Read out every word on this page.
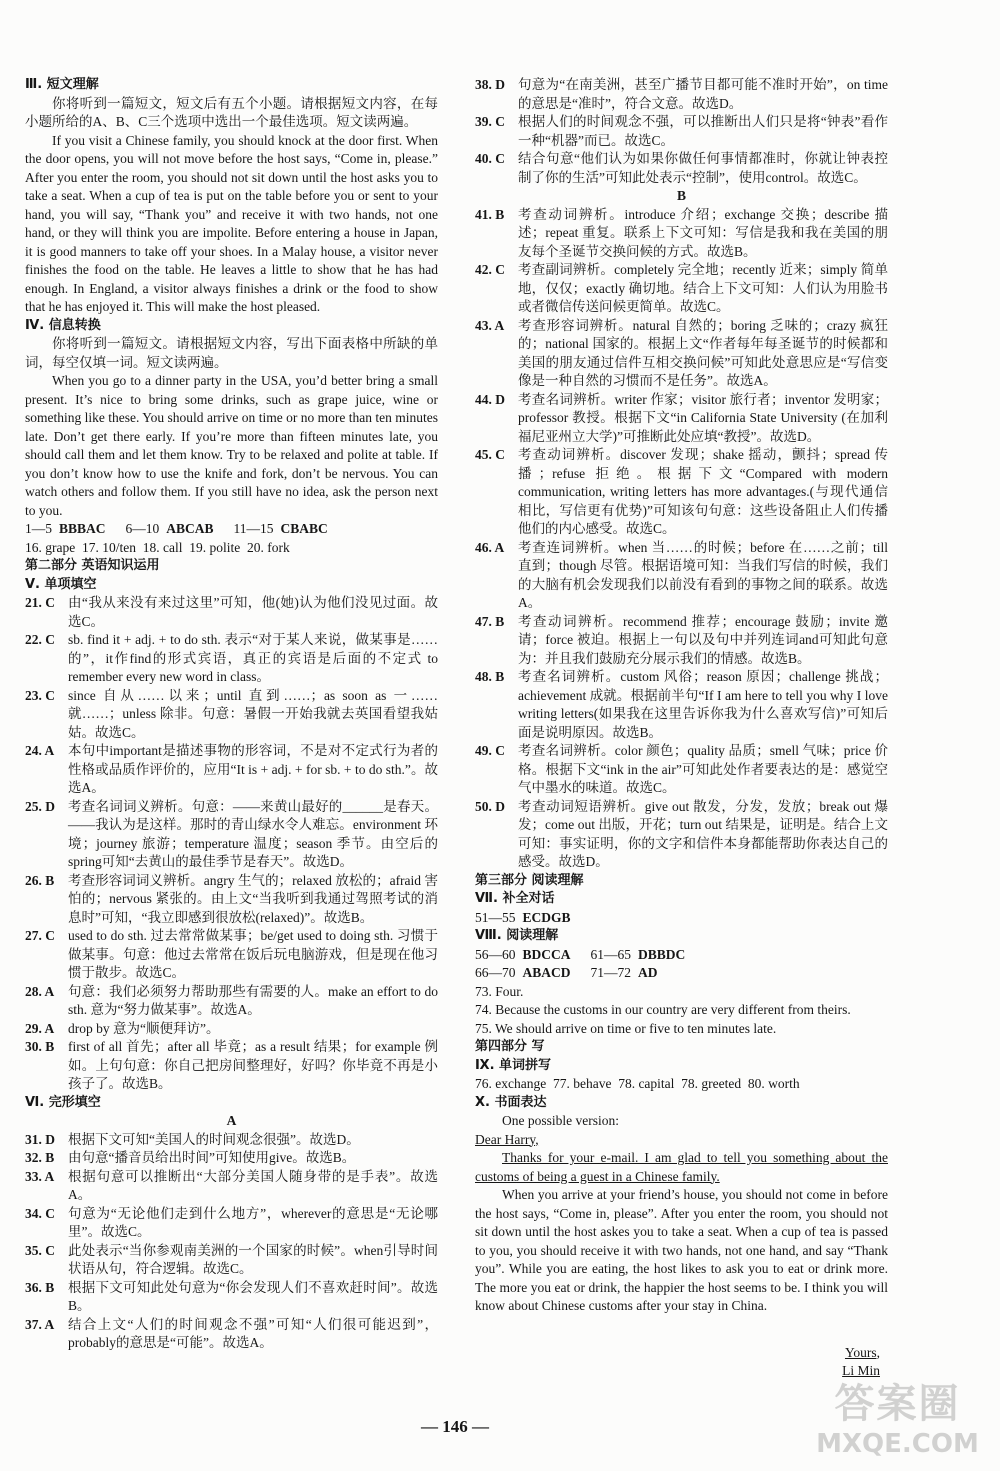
Ⅲ. 短文理解
你将听到一篇短文，短文后有五个小题。请根据短文内容，在每小题所给的A、B、C三个选项中选出一个最佳选项。短文读两遍。
If you visit a Chinese family, you should knock at the door first. When the door opens, you will not move before the host says, “Come in, please.” After you enter the room, you should not sit down until the host asks you to take a seat. When a cup of tea is put on the table before you or sent to your hand, you will say, “Thank you” and receive it with two hands, not one hand, or they will think you are impolite. Before entering a house in Japan, it is good manners to take off your shoes. In a Malay house, a visitor never finishes the food on the table. He leaves a little to show that he has had enough. In England, a visitor always finishes a drink or the food to show that he has enjoyed it. This will make the host pleased.
Ⅳ. 信息转换
你将听到一篇短文。请根据短文内容，写出下面表格中所缺的单词，每空仅填一词。短文读两遍。
When you go to a dinner party in the USA, you’d better bring a small present. It’s nice to bring some drinks, such as grape juice, wine or something like these. You should arrive on time or no more than ten minutes late. Don’t get there early. If you’re more than fifteen minutes late, you should call them and let them know. Try to be relaxed and polite at table. If you don’t know how to use the knife and fork, don’t be nervous. You can watch others and follow them. If you still have no idea, ask the person next to you.
1—5 BBBAC 6—10 ABCAB 11—15 CBABC
16. grape  17. 10/ten  18. call  19. polite  20. fork
第二部分 英语知识运用
Ⅴ. 单项填空
21. C 由“我从来没有来过这里”可知，他(她)认为他们没见过面。故选C。
22. C sb. find it + adj. + to do sth. 表示“对于某人来说，做某事是……的”，it作find的形式宾语，真正的宾语是后面的不定式 to remember every new word in class。
23. C since 自从……以来；until 直到……；as soon as 一……就……；unless 除非。句意：暑假一开始我就去英国看望我姑姑。故选C。
24. A	本句中important是描述事物的形容词，不是对不定式行为者的性格或品质作评价的，应用“It is + adj. + for sb. + to do sth.”。故选A。
25. D 考查名词词义辨析。句意：——来黄山最好的______是春天。——我认为是这样。那时的青山绿水令人难忘。environment 环境；journey 旅游；temperature 温度；season 季节。由空后的spring可知“去黄山的最佳季节是春天”。故选D。
26. B	考查形容词词义辨析。angry 生气的；relaxed 放松的；afraid 害怕的；nervous 紧张的。由上文“当我听到我通过驾照考试的消息时”可知，“我立即感到很放松(relaxed)”。故选B。
27. C used to do sth. 过去常常做某事；be/get used to doing sth. 习惯于做某事。句意：他过去常常在饭后玩电脑游戏，但是现在他习惯于散步。故选C。
28. A	句意：我们必须努力帮助那些有需要的人。make an effort to do sth. 意为“努力做某事”。故选A。
29. A	drop by 意为“顺便拜访”。
30. B	first of all 首先；after all 毕竟；as a result 结果；for example 例如。上句句意：你自己把房间整理好，好吗？你毕竟不再是小孩子了。故选B。
Ⅵ. 完形填空
A
31. D 根据下文可知“美国人的时间观念很强”。故选D。
32. B	由句意“播音员给出时间”可知使用give。故选B。
33. A	根据句意可以推断出“大部分美国人随身带的是手表”。故选A。
34. C 句意为“无论他们走到什么地方”，wherever的意思是“无论哪里”。故选C。
35. C 此处表示“当你参观南美洲的一个国家的时候”。when引导时间状语从句，符合逻辑。故选C。
36. B	根据下文可知此处句意为“你会发现人们不喜欢赶时间”。故选B。
37. A	结合上文“人们的时间观念不强”可知“人们很可能迟到”，probably的意思是“可能”。故选A。
38. D 句意为“在南美洲，甚至广播节目都可能不准时开始”，on time的意思是“准时”，符合文意。故选D。
39. C 根据人们的时间观念不强，可以推断出人们只是将“钟表”看作一种“机器”而已。故选C。
40. C 结合句意“他们认为如果你做任何事情都准时，你就让钟表控制了你的生活”可知此处表示“控制”，使用control。故选C。
B
41. B	考查动词辨析。introduce 介绍；exchange 交换；describe 描述；repeat 重复。联系上下文可知：写信是我和我在美国的朋友每个圣诞节交换问候的方式。故选B。
42. C 考查副词辨析。completely 完全地；recently 近来；simply 简单地，仅仅；exactly 确切地。结合上下文可知：人们认为用脸书或者微信传送问候更简单。故选C。
43. A	考查形容词辨析。natural 自然的；boring 乏味的；crazy 疯狂的；national 国家的。根据上文“作者每年每圣诞节的时候都和美国的朋友通过信件互相交换问候”可知此处意思应是“写信变像是一种自然的习惯而不是任务”。故选A。
44. D 考查名词辨析。writer 作家；visitor 旅行者；inventor 发明家；professor 教授。根据下文“in California State University (在加利福尼亚州立大学)”可推断此处应填“教授”。故选D。
45. C 考查动词辨析。discover 发现；shake 摇动，颤抖；spread 传播；refuse 拒绝。根据下文“Compared with modern communication, writing letters has more advantages.(与现代通信相比，写信更有优势)”可知该句句意：这些设备阻止人们传播他们的内心感受。故选C。
46. A	考查连词辨析。when 当……的时候；before 在……之前；till 直到；though 尽管。根据语境可知：当我们写信的时候，我们的大脑有机会发现我们以前没有看到的事物之间的联系。故选A。
47. B	考查动词辨析。recommend 推荐；encourage 鼓励；invite 邀请；force 被迫。根据上一句以及句中并列连词and可知此句意为：并且我们鼓励充分展示我们的情感。故选B。
48. B	考查名词辨析。custom 风俗；reason 原因；challenge 挑战；achievement 成就。根据前半句“If I am here to tell you why I love writing letters(如果我在这里告诉你我为什么喜欢写信)”可知后面是说明原因。故选B。
49. C 考查名词辨析。color 颜色；quality 品质；smell 气味；price 价格。根据下文“ink in the air”可知此处作者要表达的是：感觉空气中墨水的味道。故选C。
50. D 考查动词短语辨析。give out 散发，分发，发放；break out 爆发；come out 出版，开花；turn out 结果是，证明是。结合上文可知：事实证明，你的文字和信件本身都能帮助你表达自己的感受。故选D。
第三部分 阅读理解
Ⅶ. 补全对话
51—55 ECDGB
Ⅷ. 阅读理解
56—60 BDCCA 61—65 DBBDC
66—70 ABACD 71—72 AD
73. Four.
74. Because the customs in our country are very different from theirs.
75. We should arrive on time or five to ten minutes late.
第四部分 写
Ⅸ. 单词拼写
76. exchange  77. behave  78. capital  78. greeted  80. worth
Ⅹ. 书面表达
One possible version:
Dear Harry,
Thanks for your e-mail. I am glad to tell you something about the customs of being a guest in a Chinese family.
When you arrive at your friend’s house, you should not come in before the host says, “Come in, please”. After you enter the room, you should not sit down until the host askes you to take a seat. When a cup of tea is passed to you, you should receive it with two hands, not one hand, and say “Thank you”. While you are eating, the host likes to ask you to eat or drink more. The more you eat or drink, the happier the host seems to be. I think you will know about Chinese customs after your stay in China.
Yours,
Li Min
— 146 —	答案圈
MXQE.COM
